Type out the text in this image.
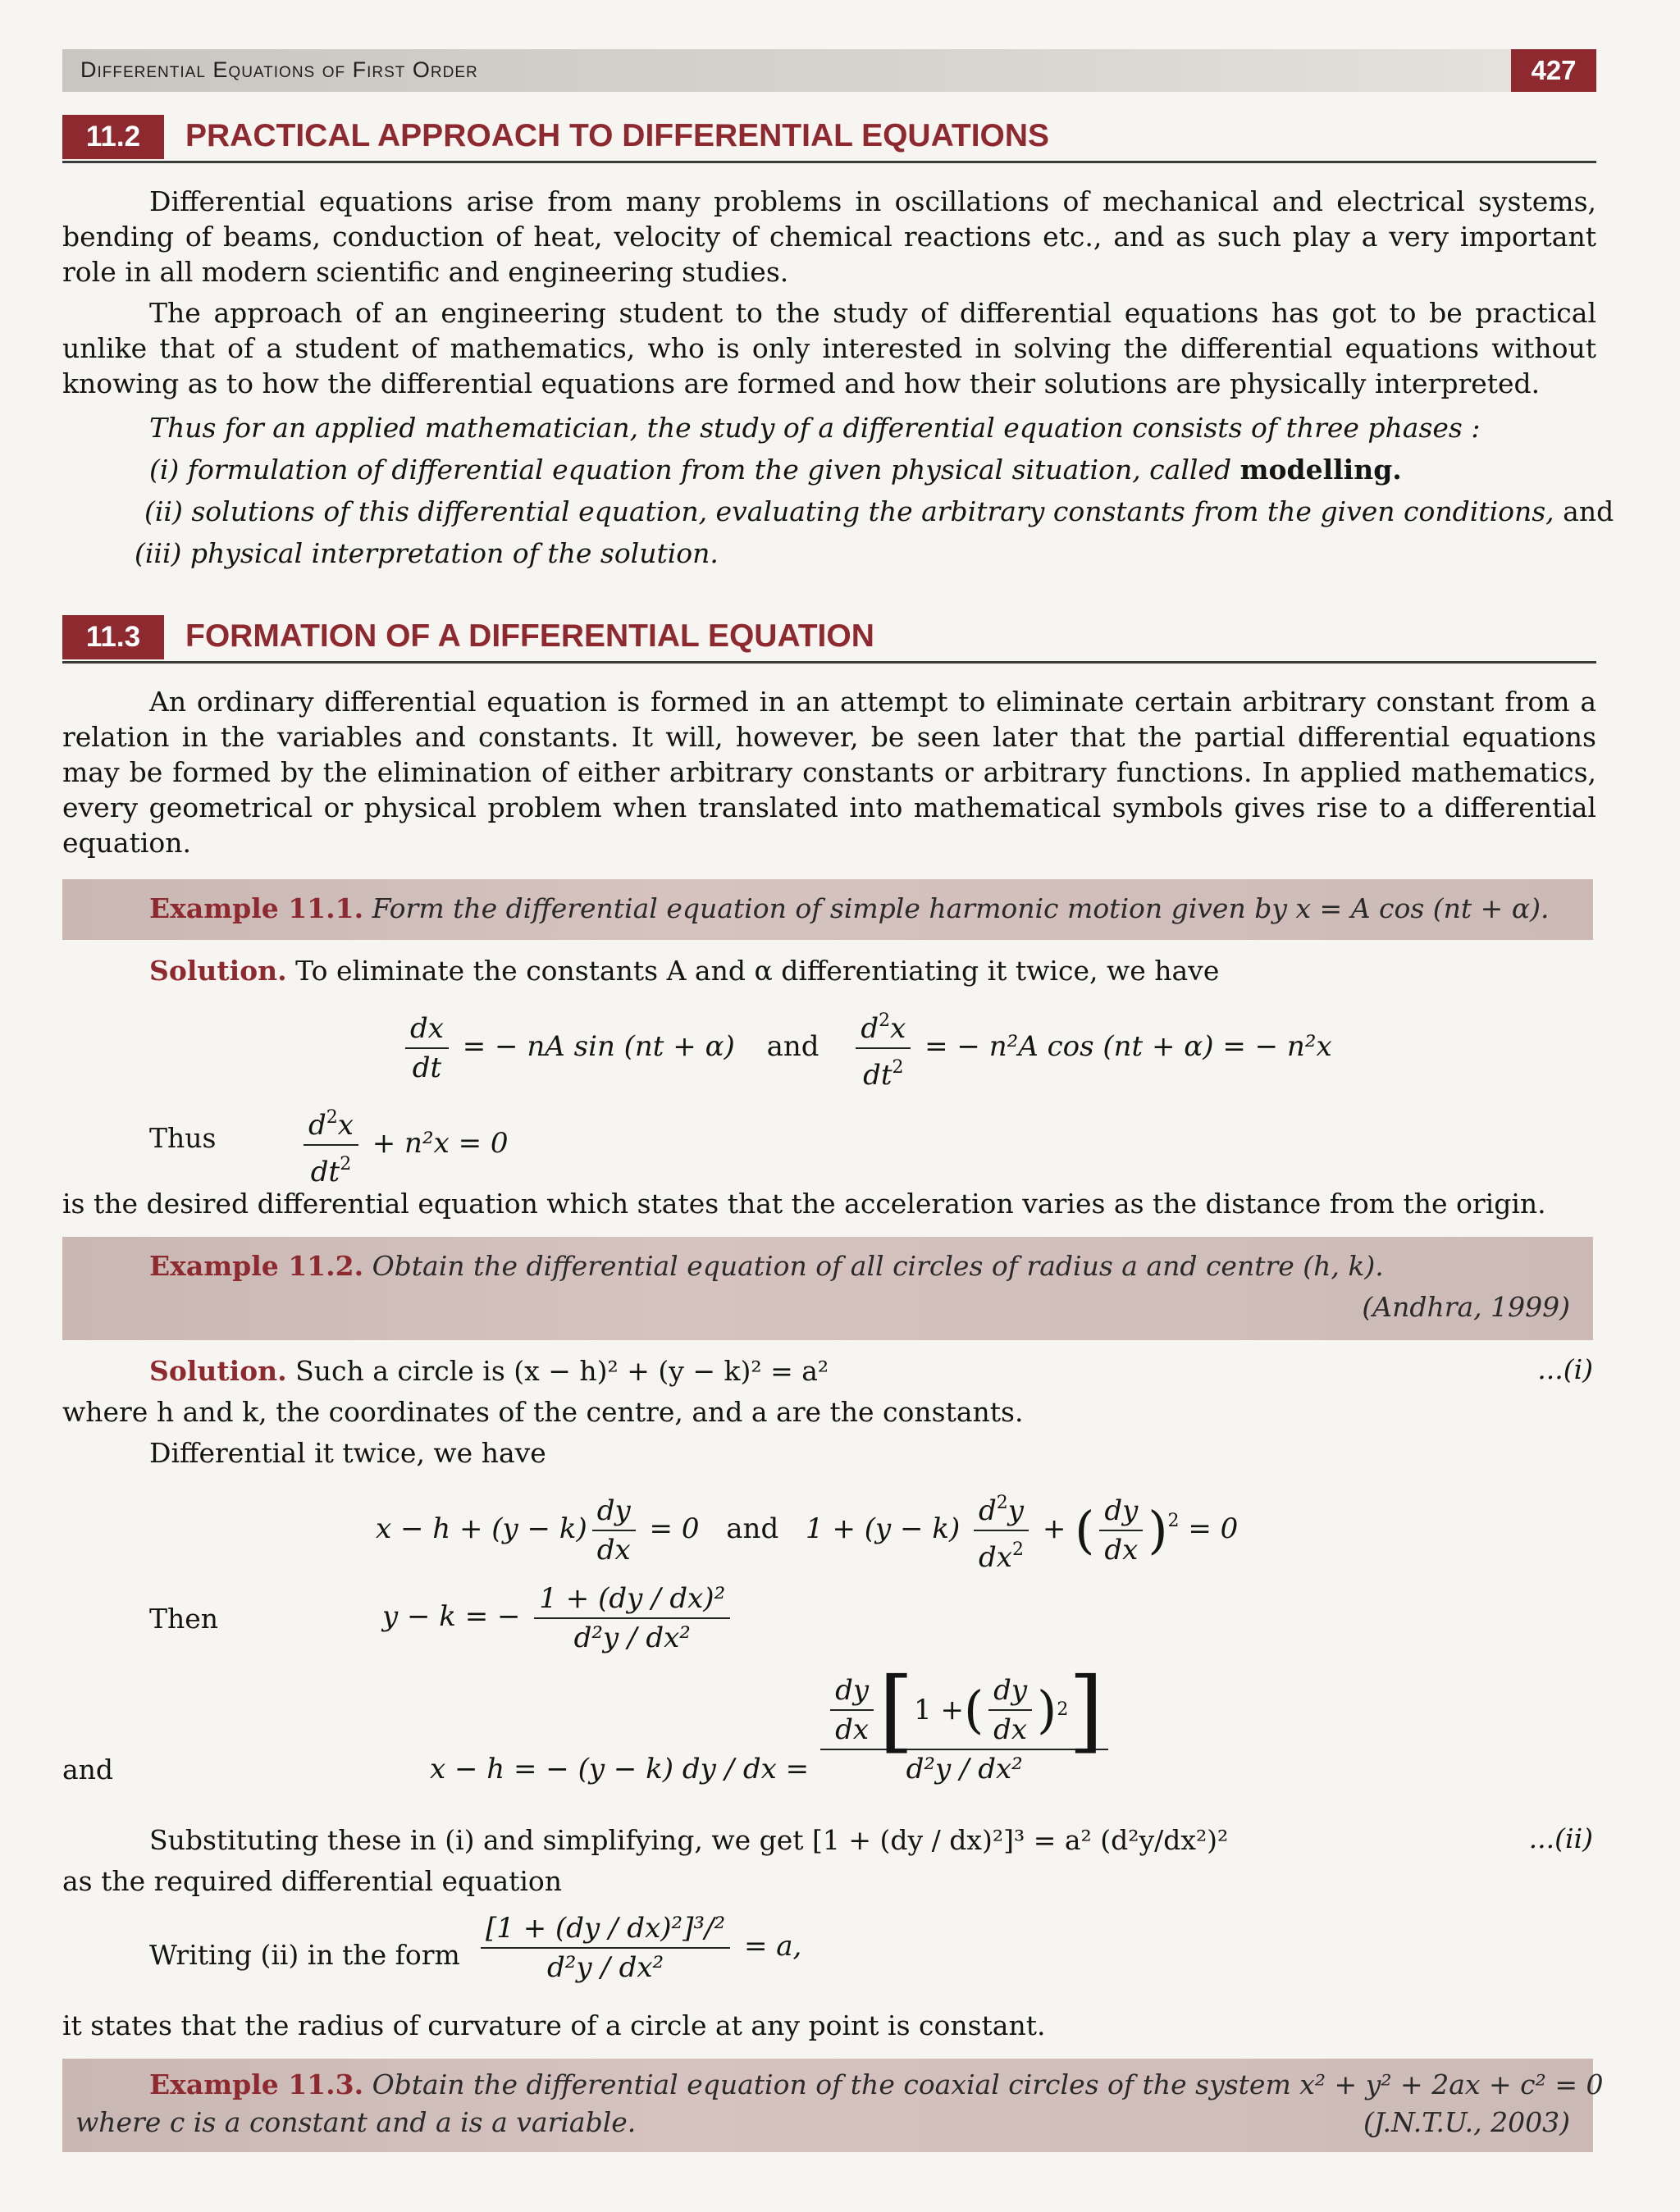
Differential Equations of First Order	427
11.2	PRACTICAL APPROACH TO DIFFERENTIAL EQUATIONS
Differential equations arise from many problems in oscillations of mechanical and electrical systems, bending of beams, conduction of heat, velocity of chemical reactions etc., and as such play a very important role in all modern scientific and engineering studies.
The approach of an engineering student to the study of differential equations has got to be practical unlike that of a student of mathematics, who is only interested in solving the differential equations without knowing as to how the differential equations are formed and how their solutions are physically interpreted.
Thus for an applied mathematician, the study of a differential equation consists of three phases :
(i) formulation of differential equation from the given physical situation, called modelling.
(ii) solutions of this differential equation, evaluating the arbitrary constants from the given conditions, and
(iii) physical interpretation of the solution.
11.3	FORMATION OF A DIFFERENTIAL EQUATION
An ordinary differential equation is formed in an attempt to eliminate certain arbitrary constant from a relation in the variables and constants. It will, however, be seen later that the partial differential equations may be formed by the elimination of either arbitrary constants or arbitrary functions. In applied mathematics, every geometrical or physical problem when translated into mathematical symbols gives rise to a differential equation.
Example 11.1. Form the differential equation of simple harmonic motion given by x = A cos (nt + α).
Solution. To eliminate the constants A and α differentiating it twice, we have
$\frac{dx}{dt}$ = − nA sin (nt + α) and $\frac{d^2x}{dt^2}$ = − n²A cos (nt + α) = − n²x
Thus	$\frac{d^2x}{dt^2} + n^2x = 0$
is the desired differential equation which states that the acceleration varies as the distance from the origin.
Example 11.2. Obtain the differential equation of all circles of radius a and centre (h, k).
(Andhra, 1999)
Solution. Such a circle is (x − h)² + (y − k)² = a²	...(i)
where h and k, the coordinates of the centre, and a are the constants.
Differential it twice, we have
$x - h + (y - k) \frac{dy}{dx} = 0$ and $1 + (y - k) \frac{d^2y}{dx^2}$ + ( $\frac{dy}{dx} )^2 = 0$
Then	y − k = − $\frac{\text{1 + (dy / dx)²}}{\text{d²y / dx²}}$
and	x − h = − (y − k) dy / dx = $\frac{\frac{dy}{dx} [ 1 + ( \frac{dy}{dx} ) 2 ]}{\text{d²y / dx²}}$
Substituting these in (i) and simplifying, we get [1 + (dy / dx)²]³ = a² (d²y/dx²)²	...(ii)
as the required differential equation
Writing (ii) in the form $\frac{\text{[1 + (dy / dx)²]³/²}}{\text{d²y / dx²}} = a$,
it states that the radius of curvature of a circle at any point is constant.
Example 11.3. Obtain the differential equation of the coaxial circles of the system x² + y² + 2ax + c² = 0
where c is a constant and a is a variable.	(J.N.T.U., 2003)
